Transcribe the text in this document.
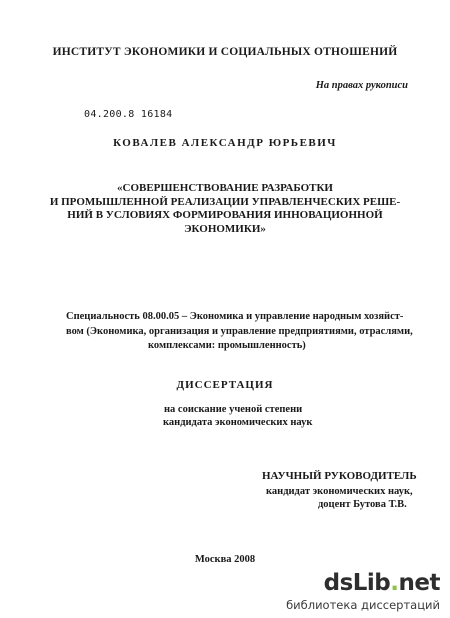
ИНСТИТУТ ЭКОНОМИКИ И СОЦИАЛЬНЫХ ОТНОШЕНИЙ
На правах рукописи
04.200.8 16184
КОВАЛЕВ АЛЕКСАНДР ЮРЬЕВИЧ
«СОВЕРШЕНСТВОВАНИЕ РАЗРАБОТКИ
И ПРОМЫШЛЕННОЙ РЕАЛИЗАЦИИ УПРАВЛЕНЧЕСКИХ РЕШЕ-
НИЙ В УСЛОВИЯХ ФОРМИРОВАНИЯ ИННОВАЦИОННОЙ
ЭКОНОМИКИ»
Специальность 08.00.05 – Экономика и управление народным хозяйст-
вом (Экономика, организация и управление предприятиями, отраслями,
комплексами: промышленность)
ДИССЕРТАЦИЯ
на соискание ученой степени
кандидата экономических наук
НАУЧНЫЙ РУКОВОДИТЕЛЬ
кандидат экономических наук,
доцент Бутова Т.В.
Москва 2008
dsLib.net
библиотека диссертаций
